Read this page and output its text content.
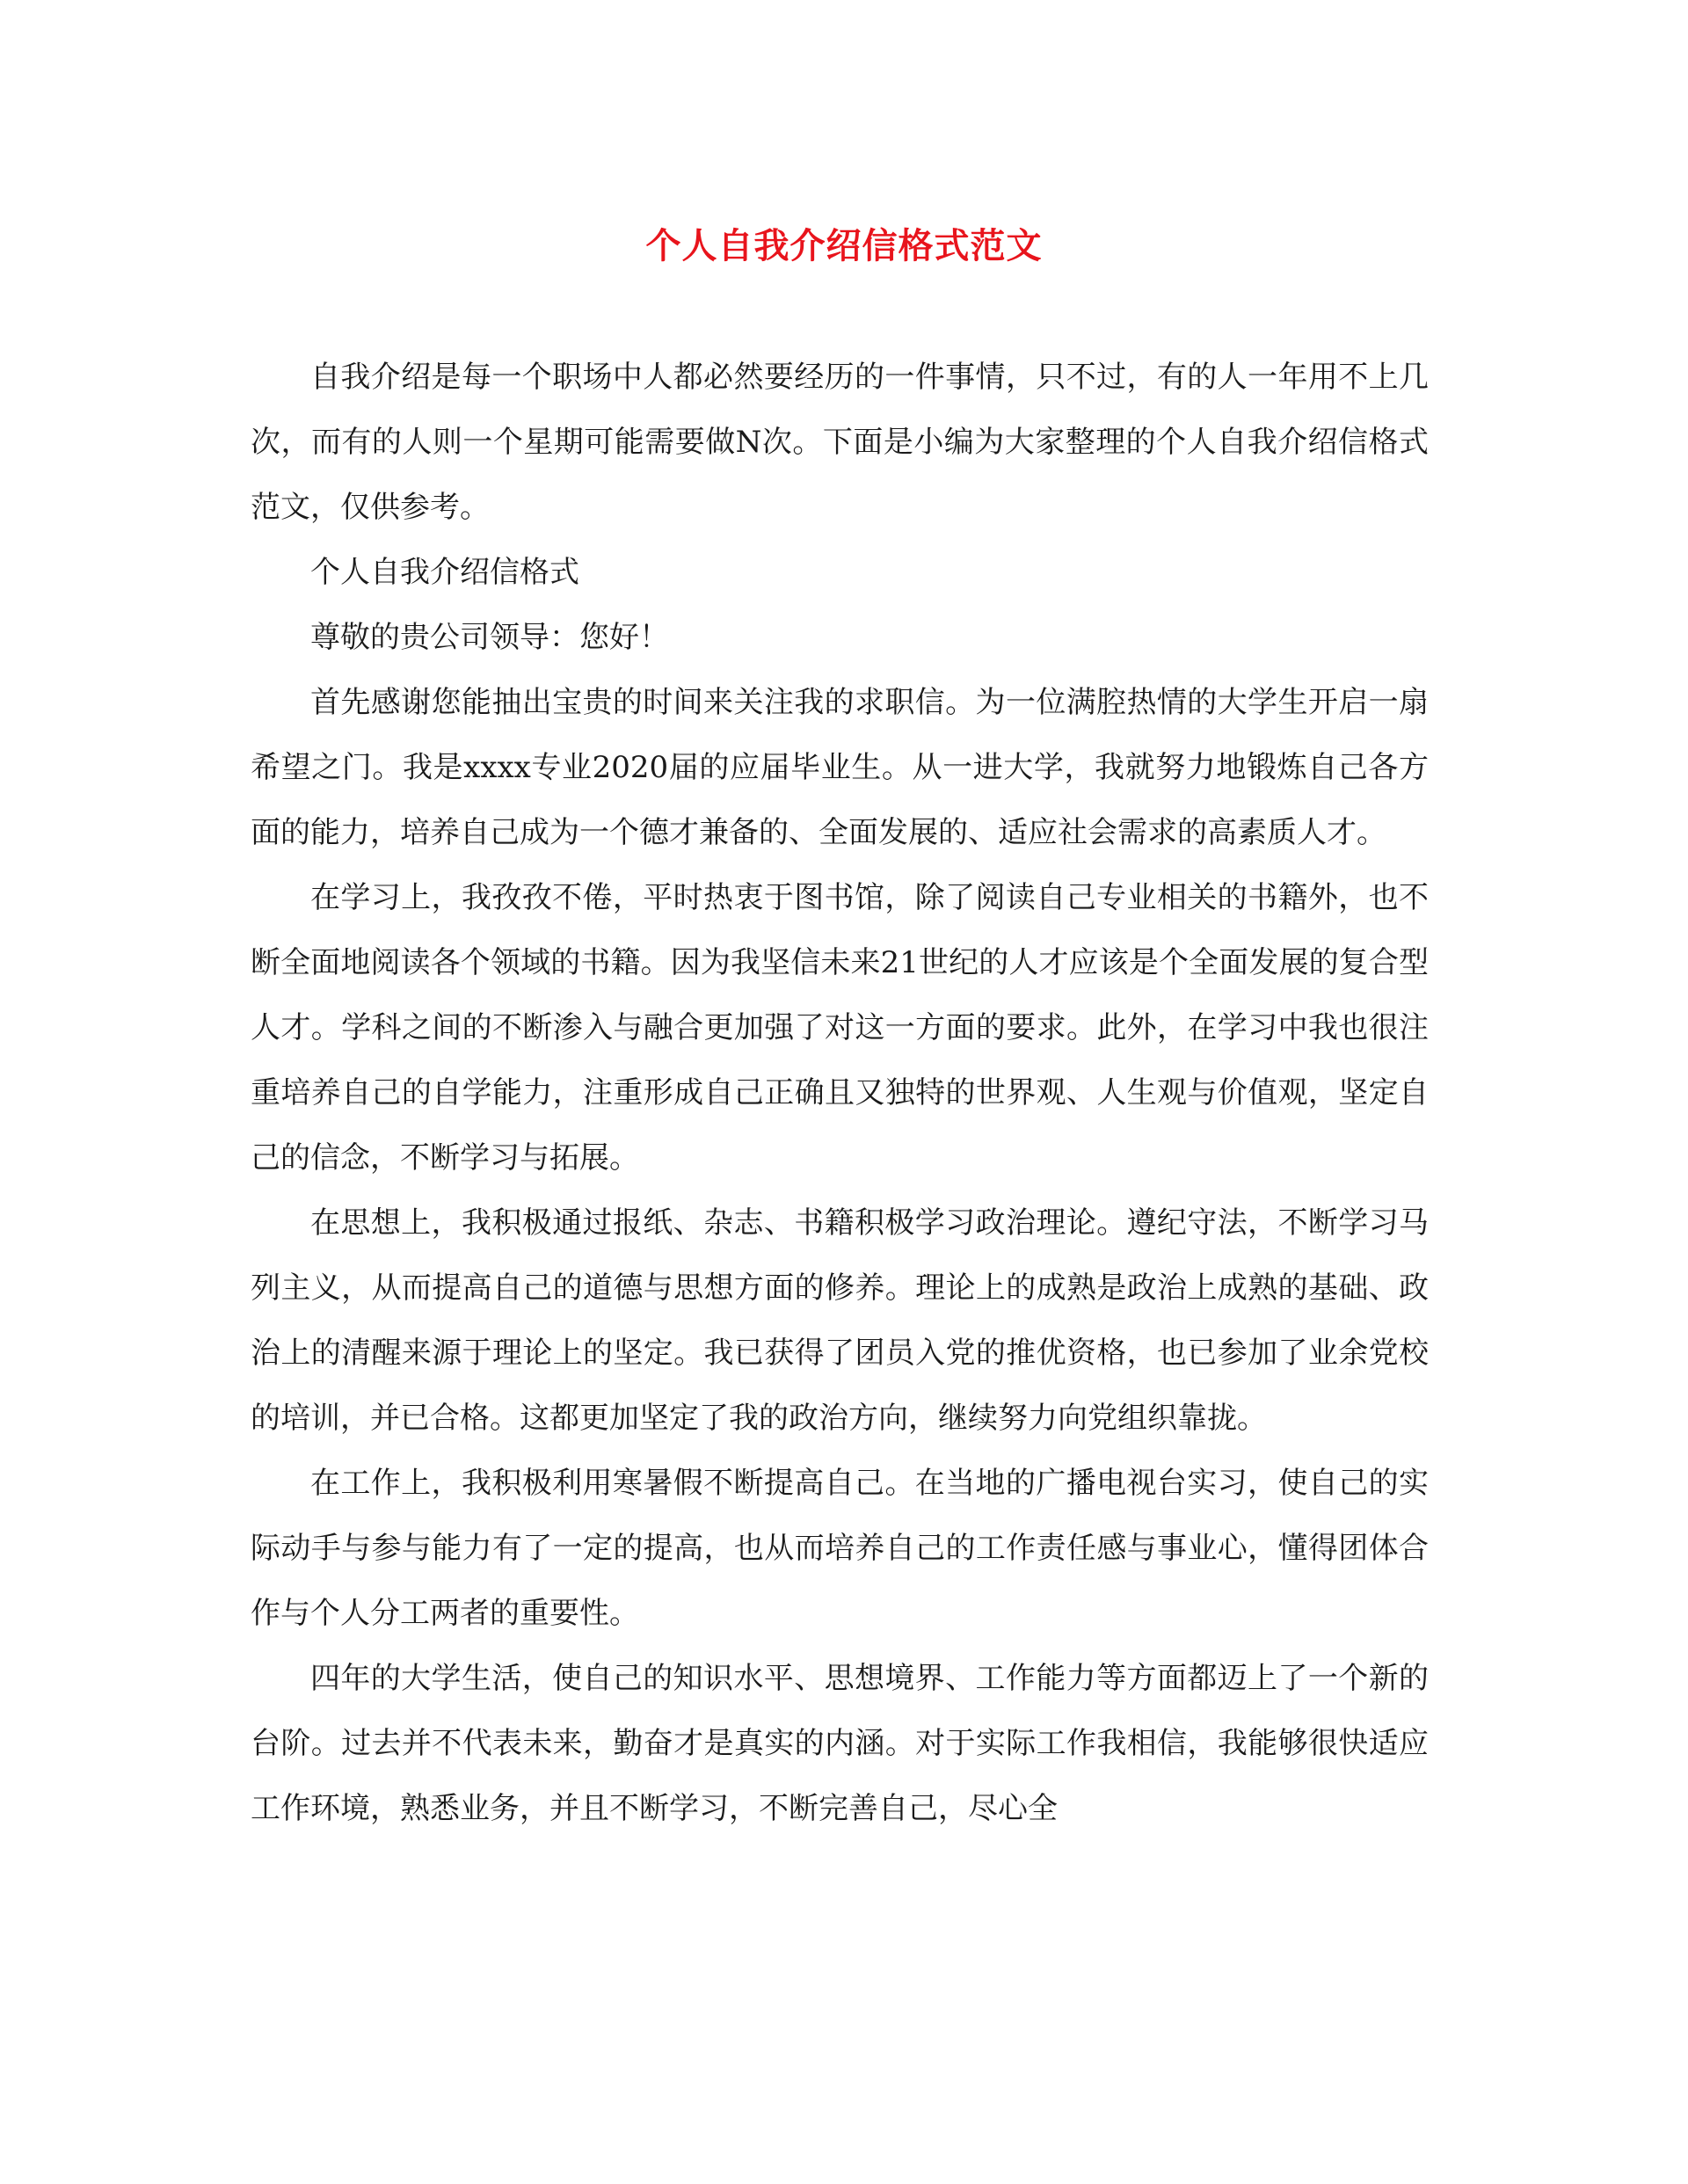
个人自我介绍信格式范文

自我介绍是每一个职场中人都必然要经历的一件事情，只不过，有的人一年用不上几次，而有的人则一个星期可能需要做N次。下面是小编为大家整理的个人自我介绍信格式范文，仅供参考。

个人自我介绍信格式

尊敬的贵公司领导：您好！

首先感谢您能抽出宝贵的时间来关注我的求职信。为一位满腔热情的大学生开启一扇希望之门。我是xxxx专业2020届的应届毕业生。从一进大学，我就努力地锻炼自己各方面的能力，培养自己成为一个德才兼备的、全面发展的、适应社会需求的高素质人才。

在学习上，我孜孜不倦，平时热衷于图书馆，除了阅读自己专业相关的书籍外，也不断全面地阅读各个领域的书籍。因为我坚信未来21世纪的人才应该是个全面发展的复合型人才。学科之间的不断渗入与融合更加强了对这一方面的要求。此外，在学习中我也很注重培养自己的自学能力，注重形成自己正确且又独特的世界观、人生观与价值观，坚定自己的信念，不断学习与拓展。

在思想上，我积极通过报纸、杂志、书籍积极学习政治理论。遵纪守法，不断学习马列主义，从而提高自己的道德与思想方面的修养。理论上的成熟是政治上成熟的基础、政治上的清醒来源于理论上的坚定。我已获得了团员入党的推优资格，也已参加了业余党校的培训，并已合格。这都更加坚定了我的政治方向，继续努力向党组织靠拢。

在工作上，我积极利用寒暑假不断提高自己。在当地的广播电视台实习，使自己的实际动手与参与能力有了一定的提高，也从而培养自己的工作责任感与事业心，懂得团体合作与个人分工两者的重要性。

四年的大学生活，使自己的知识水平、思想境界、工作能力等方面都迈上了一个新的台阶。过去并不代表未来，勤奋才是真实的内涵。对于实际工作我相信，我能够很快适应工作环境，熟悉业务，并且不断学习，不断完善自己，尽心全
